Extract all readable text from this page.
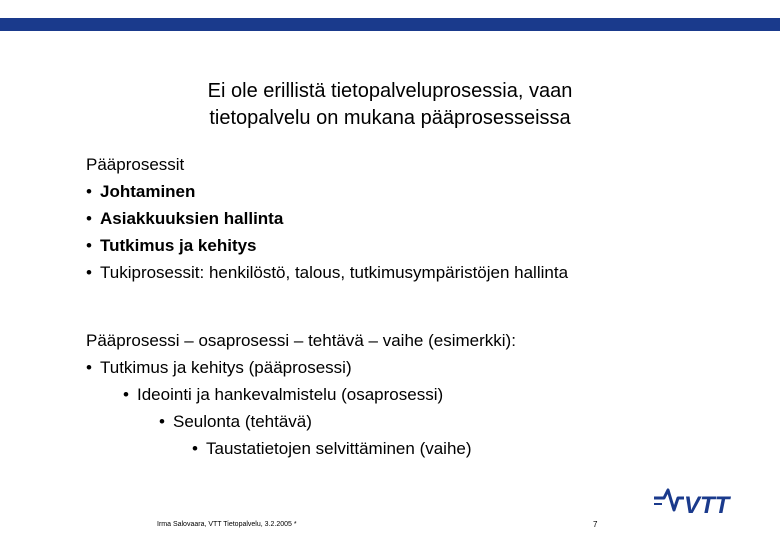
Ei ole erillistä tietopalveluprosessia, vaan
tietopalvelu on mukana pääprosesseissa
Pääprosessit
• Johtaminen
• Asiakkuuksien hallinta
• Tutkimus ja kehitys
• Tukiprosessit: henkilöstö, talous, tutkimusympäristöjen hallinta
Pääprosessi – osaprosessi – tehtävä – vaihe (esimerkki):
• Tutkimus ja kehitys (pääprosessi)
• Ideointi ja hankevalmistelu (osaprosessi)
• Seulonta (tehtävä)
• Taustatietojen selvittäminen (vaihe)
Irma Salovaara, VTT Tietopalvelu, 3.2.2005 *	7
VTT
